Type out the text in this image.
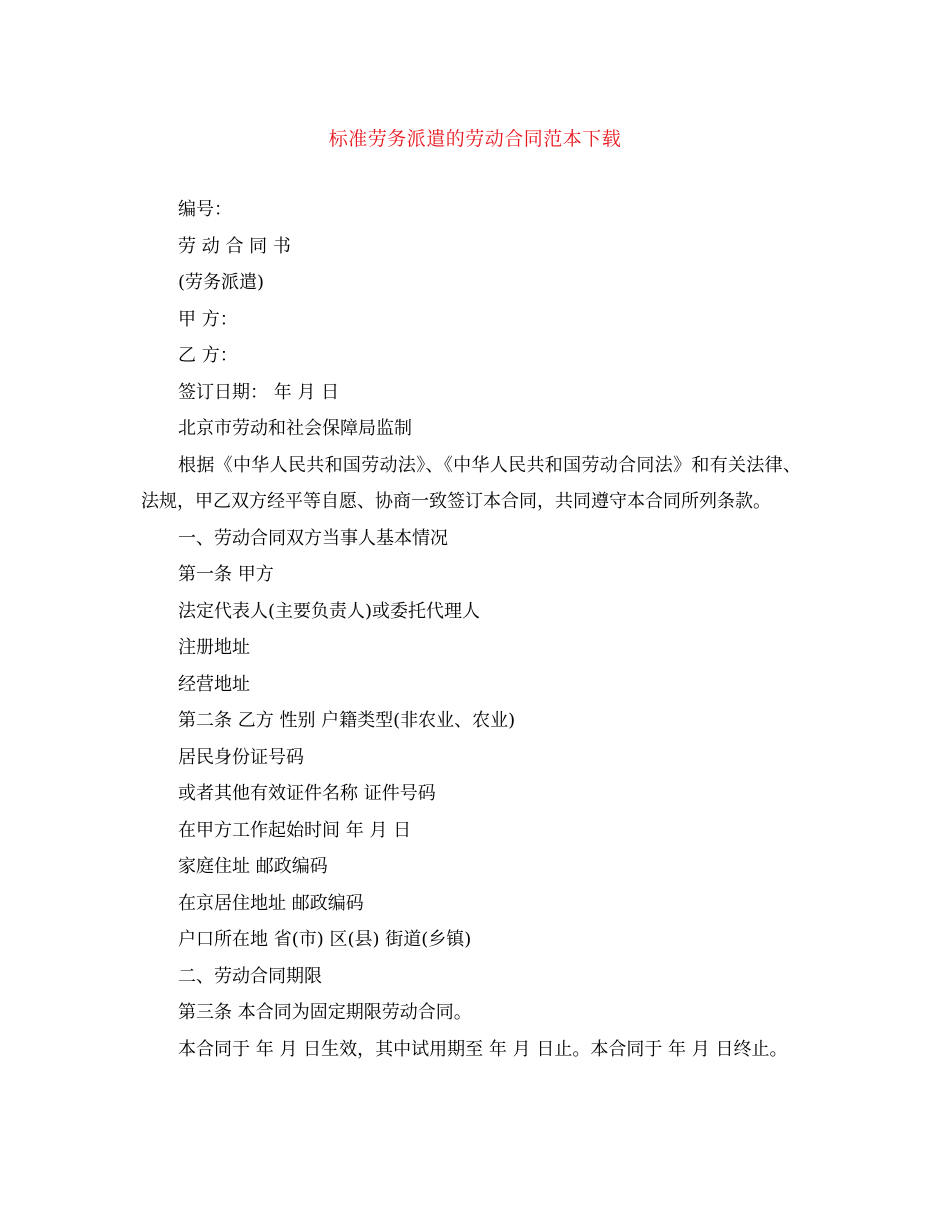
标准劳务派遣的劳动合同范本下载
编号：
劳 动 合 同 书
(劳务派遣)
甲 方：
乙 方：
签订日期： 年 月 日
北京市劳动和社会保障局监制
根据《中华人民共和国劳动法》、《中华人民共和国劳动合同法》和有关法律、法规，甲乙双方经平等自愿、协商一致签订本合同，共同遵守本合同所列条款。
一、劳动合同双方当事人基本情况
第一条 甲方
法定代表人(主要负责人)或委托代理人
注册地址
经营地址
第二条 乙方 性别 户籍类型(非农业、农业)
居民身份证号码
或者其他有效证件名称 证件号码
在甲方工作起始时间 年 月 日
家庭住址 邮政编码
在京居住地址 邮政编码
户口所在地 省(市) 区(县) 街道(乡镇)
二、劳动合同期限
第三条 本合同为固定期限劳动合同。
本合同于 年 月 日生效，其中试用期至 年 月 日止。本合同于 年 月 日终止。
